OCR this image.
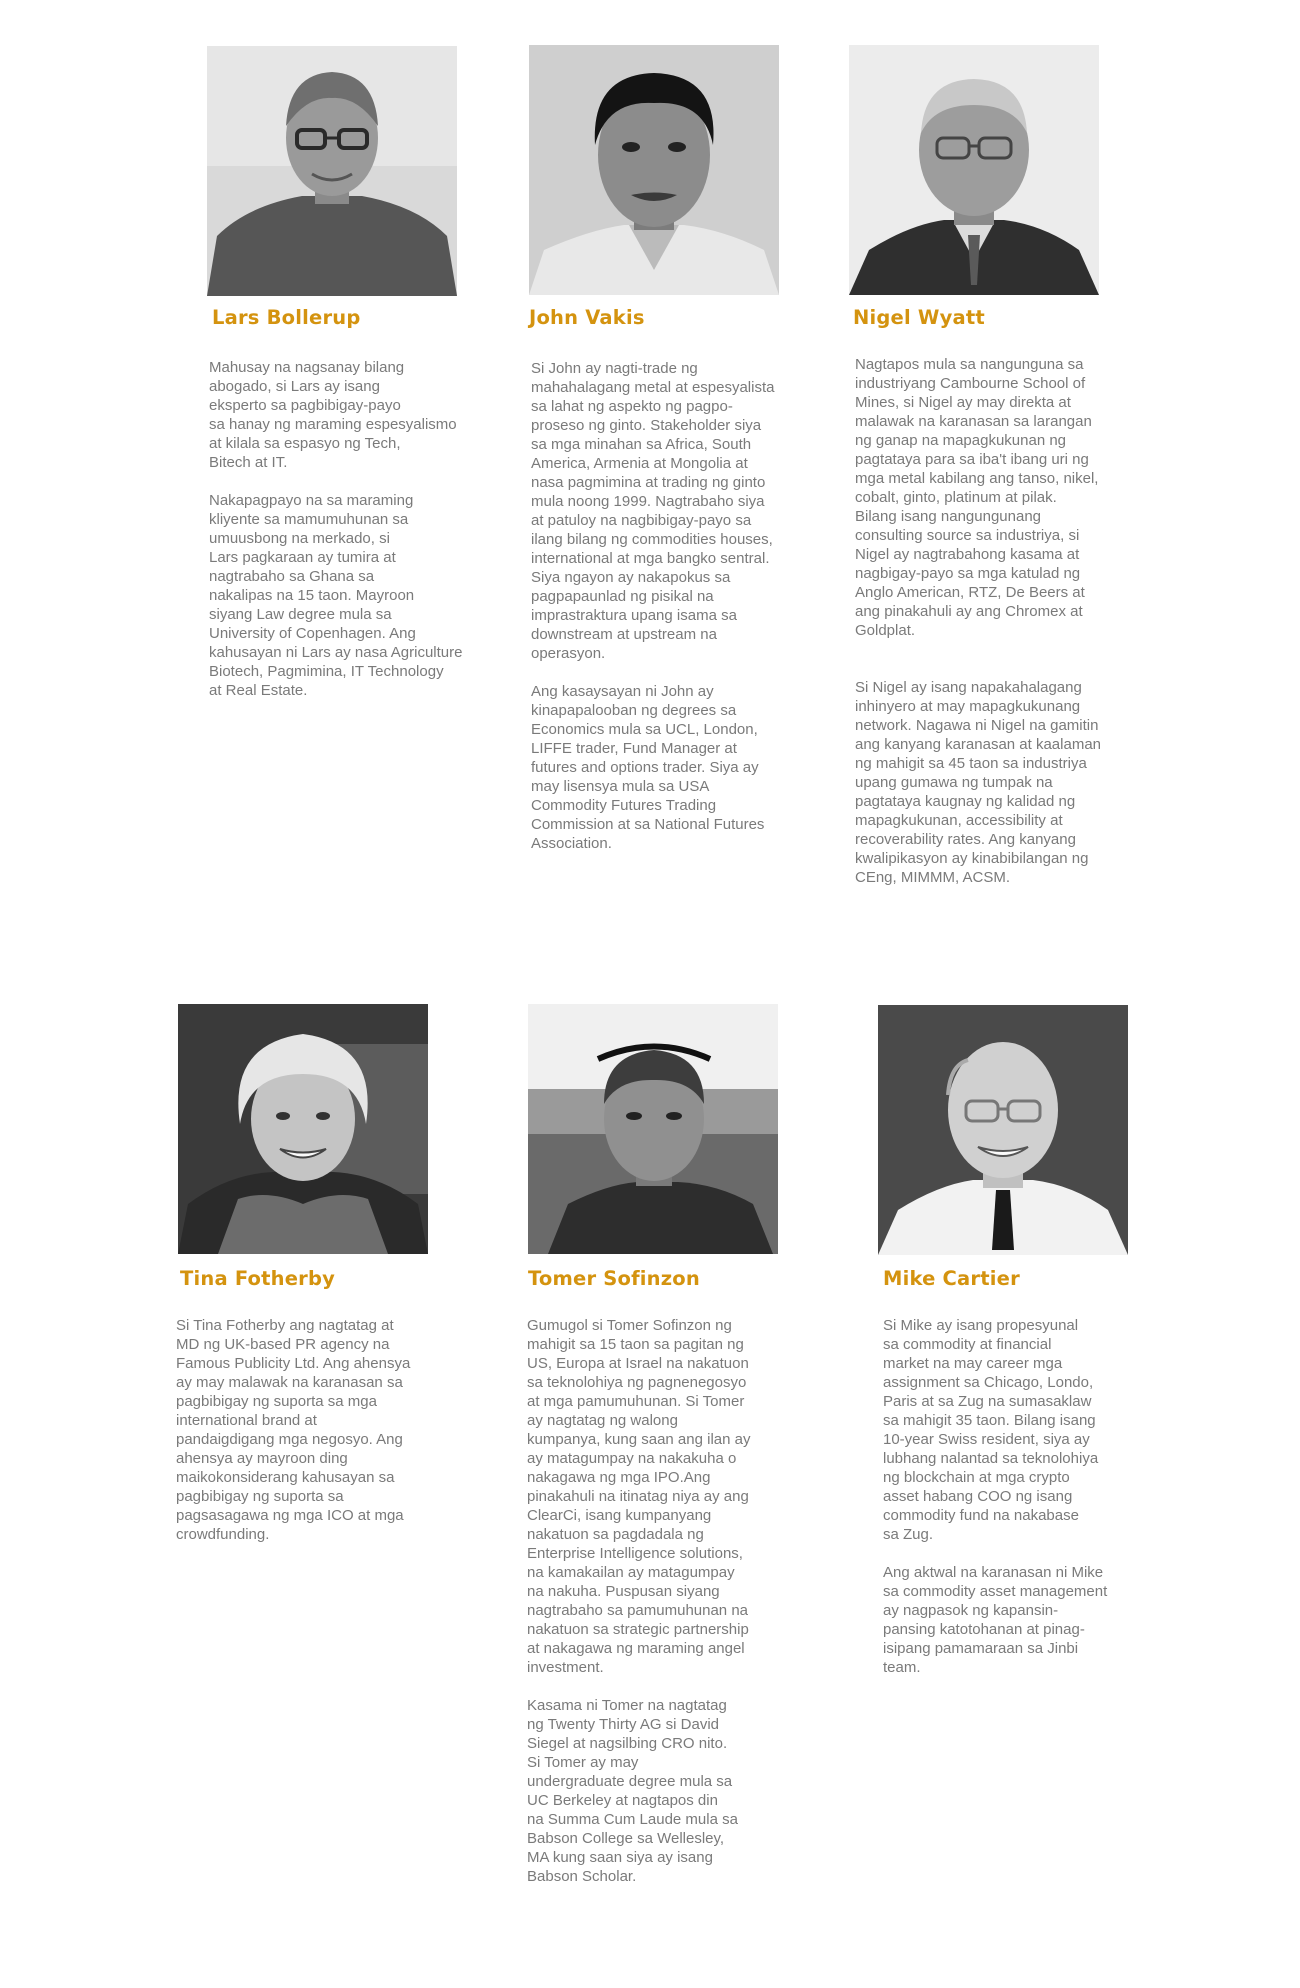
Lars Bollerup
Mahusay na nagsanay bilang
abogado, si Lars ay isang
eksperto sa pagbibigay-payo
sa hanay ng maraming espesyalismo
at kilala sa espasyo ng Tech,
Bitech at IT.

Nakapagpayo na sa maraming
kliyente sa mamumuhunan sa
umuusbong na merkado, si
Lars pagkaraan ay tumira at
nagtrabaho sa Ghana sa
nakalipas na 15 taon. Mayroon
siyang Law degree mula sa
University of Copenhagen. Ang
kahusayan ni Lars ay nasa Agriculture
Biotech, Pagmimina, IT Technology
at Real Estate.
John Vakis
Si John ay nagti-trade ng
mahahalagang metal at espesyalista
sa lahat ng aspekto ng pagpo-
proseso ng ginto. Stakeholder siya
sa mga minahan sa Africa, South
America, Armenia at Mongolia at
nasa pagmimina at trading ng ginto
mula noong 1999. Nagtrabaho siya
at patuloy na nagbibigay-payo sa
ilang bilang ng commodities houses,
international at mga bangko sentral.
Siya ngayon ay nakapokus sa
pagpapaunlad ng pisikal na
imprastraktura upang isama sa
downstream at upstream na
operasyon.

Ang kasaysayan ni John ay
kinapapalooban ng degrees sa
Economics mula sa UCL, London,
LIFFE trader, Fund Manager at
futures and options trader. Siya ay
may lisensya mula sa USA
Commodity Futures Trading
Commission at sa National Futures
Association.
Nigel Wyatt
Nagtapos mula sa nangunguna sa
industriyang Cambourne School of
Mines, si Nigel ay may direkta at
malawak na karanasan sa larangan
ng ganap na mapagkukunan ng
pagtataya para sa iba't ibang uri ng
mga metal kabilang ang tanso, nikel,
cobalt, ginto, platinum at pilak.
Bilang isang nangungunang
consulting source sa industriya, si
Nigel ay nagtrabahong kasama at
nagbigay-payo sa mga katulad ng
Anglo American, RTZ, De Beers at
ang pinakahuli ay ang Chromex at
Goldplat.

Si Nigel ay isang napakahalagang
inhinyero at may mapagkukunang
network. Nagawa ni Nigel na gamitin
ang kanyang karanasan at kaalaman
ng mahigit sa 45 taon sa industriya
upang gumawa ng tumpak na
pagtataya kaugnay ng kalidad ng
mapagkukunan, accessibility at
recoverability rates. Ang kanyang
kwalipikasyon ay kinabibilangan ng
CEng, MIMMM, ACSM.
Tina Fotherby
Si Tina Fotherby ang nagtatag at
MD ng UK-based PR agency na
Famous Publicity Ltd. Ang ahensya
ay may malawak na karanasan sa
pagbibigay ng suporta sa mga
international brand at
pandaigdigang mga negosyo. Ang
ahensya ay mayroon ding
maikokonsiderang kahusayan sa
pagbibigay ng suporta sa
pagsasagawa ng mga ICO at mga
crowdfunding.
Tomer Sofinzon
Gumugol si Tomer Sofinzon ng
mahigit sa 15 taon sa pagitan ng
US, Europa at Israel na nakatuon
sa teknolohiya ng pagnenegosyo
at mga pamumuhunan. Si Tomer
ay nagtatag ng walong
kumpanya, kung saan ang ilan ay
ay matagumpay na nakakuha o
nakagawa ng mga IPO.Ang
pinakahuli na itinatag niya ay ang
ClearCi, isang kumpanyang
nakatuon sa pagdadala ng
Enterprise Intelligence solutions,
na kamakailan ay matagumpay
na nakuha. Puspusan siyang
nagtrabaho sa pamumuhunan na
nakatuon sa strategic partnership
at nakagawa ng maraming angel
investment.

Kasama ni Tomer na nagtatag
ng Twenty Thirty AG si David
Siegel at nagsilbing CRO nito.
Si Tomer ay may
undergraduate degree mula sa
UC Berkeley at nagtapos din
na Summa Cum Laude mula sa
Babson College sa Wellesley,
MA kung saan siya ay isang
Babson Scholar.
Mike Cartier
Si Mike ay isang propesyunal
sa commodity at financial
market na may career mga
assignment sa Chicago, Londo,
Paris at sa Zug na sumasaklaw
sa mahigit 35 taon. Bilang isang
10-year Swiss resident, siya ay
lubhang nalantad sa teknolohiya
ng blockchain at mga crypto
asset habang COO ng isang
commodity fund na nakabase
sa Zug.

Ang aktwal na karanasan ni Mike
sa commodity asset management
ay nagpasok ng kapansin-
pansing katotohanan at pinag-
isipang pamamaraan sa Jinbi
team.
